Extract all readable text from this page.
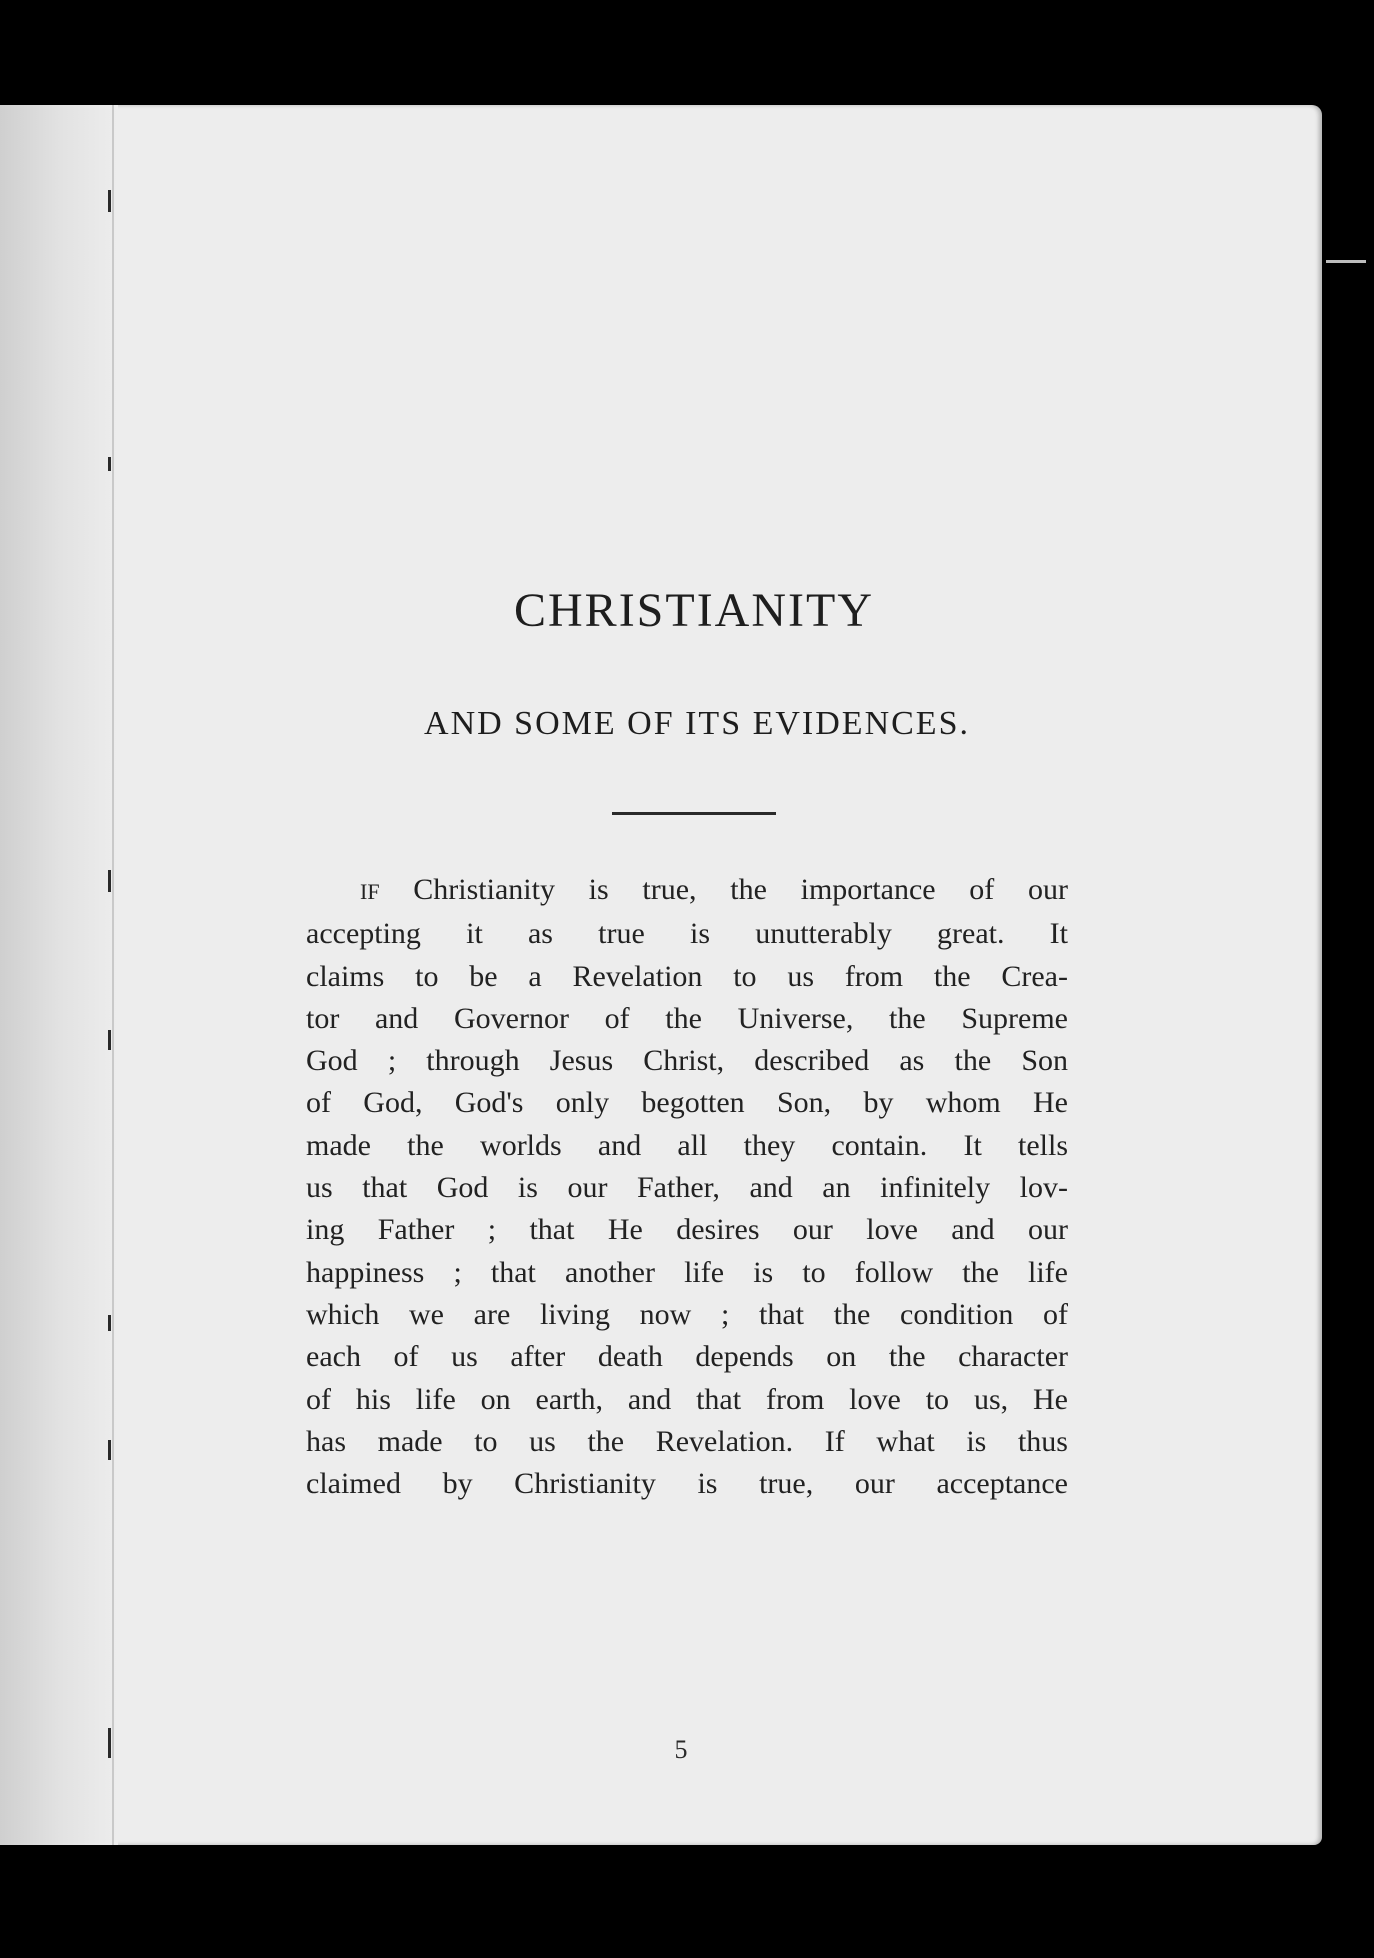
CHRISTIANITY
AND SOME OF ITS EVIDENCES.
IF Christianity is true, the importance of our
accepting it as true is unutterably great. It
claims to be a Revelation to us from the Crea-
tor and Governor of the Universe, the Supreme
God ; through Jesus Christ, described as the Son
of God, God's only begotten Son, by whom He
made the worlds and all they contain. It tells
us that God is our Father, and an infinitely lov-
ing Father ; that He desires our love and our
happiness ; that another life is to follow the life
which we are living now ; that the condition of
each of us after death depends on the character
of his life on earth, and that from love to us, He
has made to us the Revelation. If what is thus
claimed by Christianity is true, our acceptance
5
